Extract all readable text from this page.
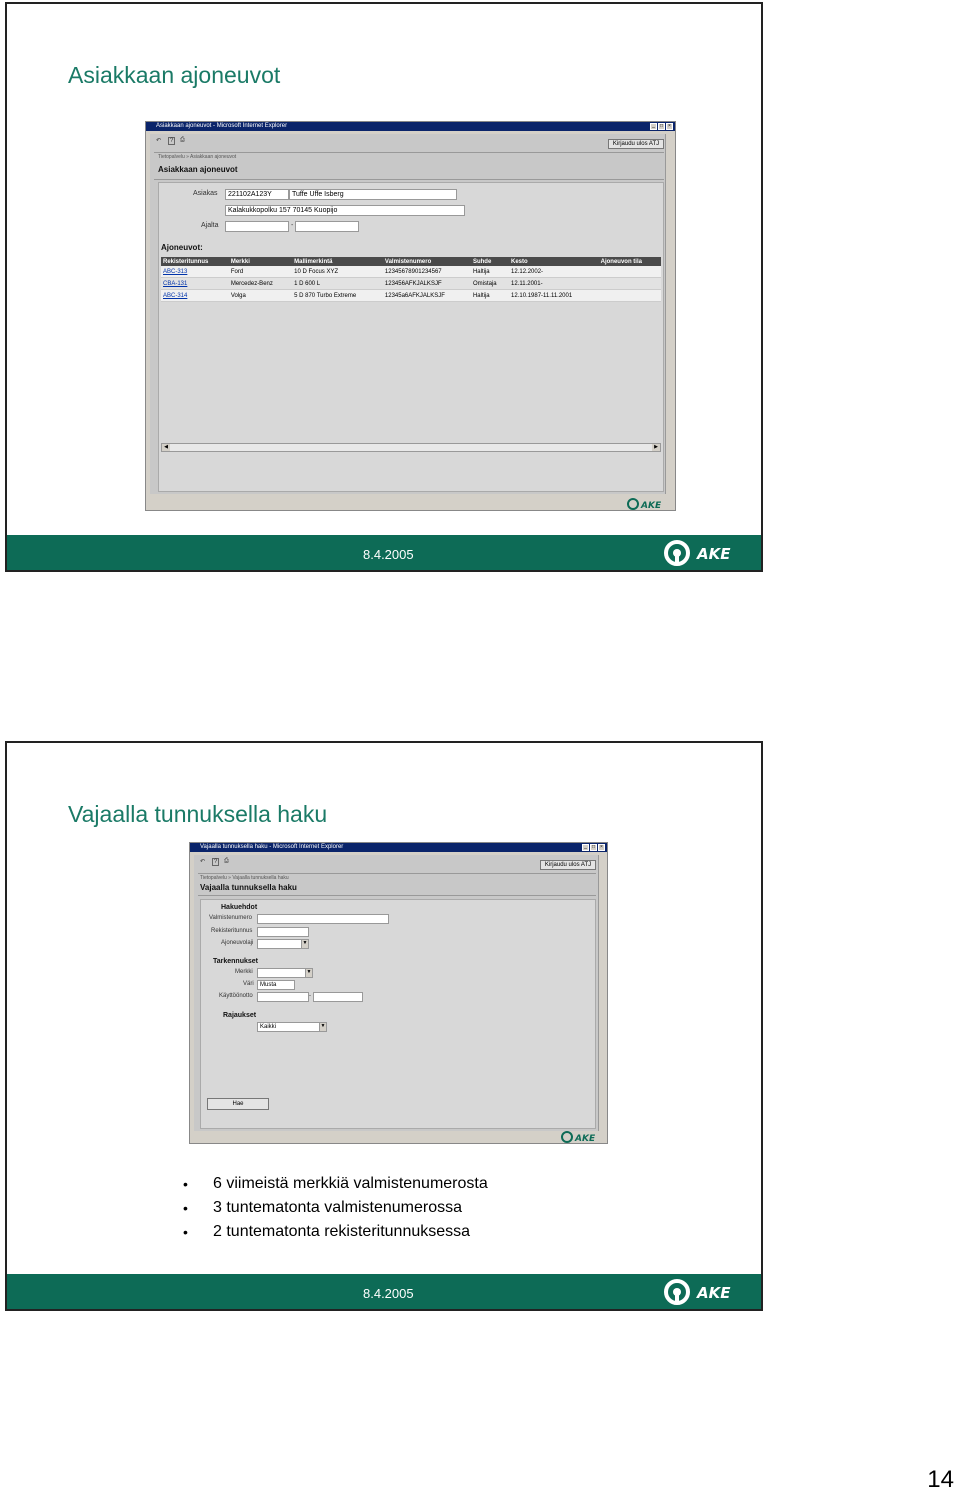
Asiakkaan ajoneuvot
Asiakkaan ajoneuvot - Microsoft Internet Explorer	_	□	×
↶	?	⎙
Kirjaudu ulos ATJ
Tietopalvelu » Asiakkaan ajoneuvot
Asiakkaan ajoneuvot
Asiakas	221102A123Y	Tuffe Uffe Isberg
Kalakukkopolku 157 70145 Kuopijo
Ajalta	-
Ajoneuvot:
Rekisteritunnus	Merkki	Mallimerkintä	Valmistenumero	Suhde	Kesto	Ajoneuvon tila
ABC-313	Ford	10 D Focus XYZ	12345678901234567	Haltija	12.12.2002-	
CBA-131	Mercedez-Benz	1 D 600 L	123456AFKJALKSJF	Omistaja	12.11.2001-	
ABC-314	Volga	5 D 870 Turbo Extreme	12345a6AFKJALKSJF	Haltija	12.10.1987-11.11.2001	
◀	▶
AKE
8.4.2005	AKE
Vajaalla tunnuksella haku
Vajaalla tunnuksella haku - Microsoft Internet Explorer	_	□	×
↶	?	⎙
Kirjaudu ulos ATJ
Tietopalvelu » Vajaalla tunnuksella haku
Vajaalla tunnuksella haku
Hakuehdot
Valmistenumero
Rekisteritunnus
Ajoneuvolaji	▼
Tarkennukset
Merkki	▼
Väri	Musta
Käyttöönotto	-
Rajaukset
Kaikki	▼
Hae
AKE
• 6 viimeistä merkkiä valmistenumerosta
• 3 tuntematonta valmistenumerossa
• 2 tuntematonta rekisteritunnuksessa
8.4.2005	AKE
14
